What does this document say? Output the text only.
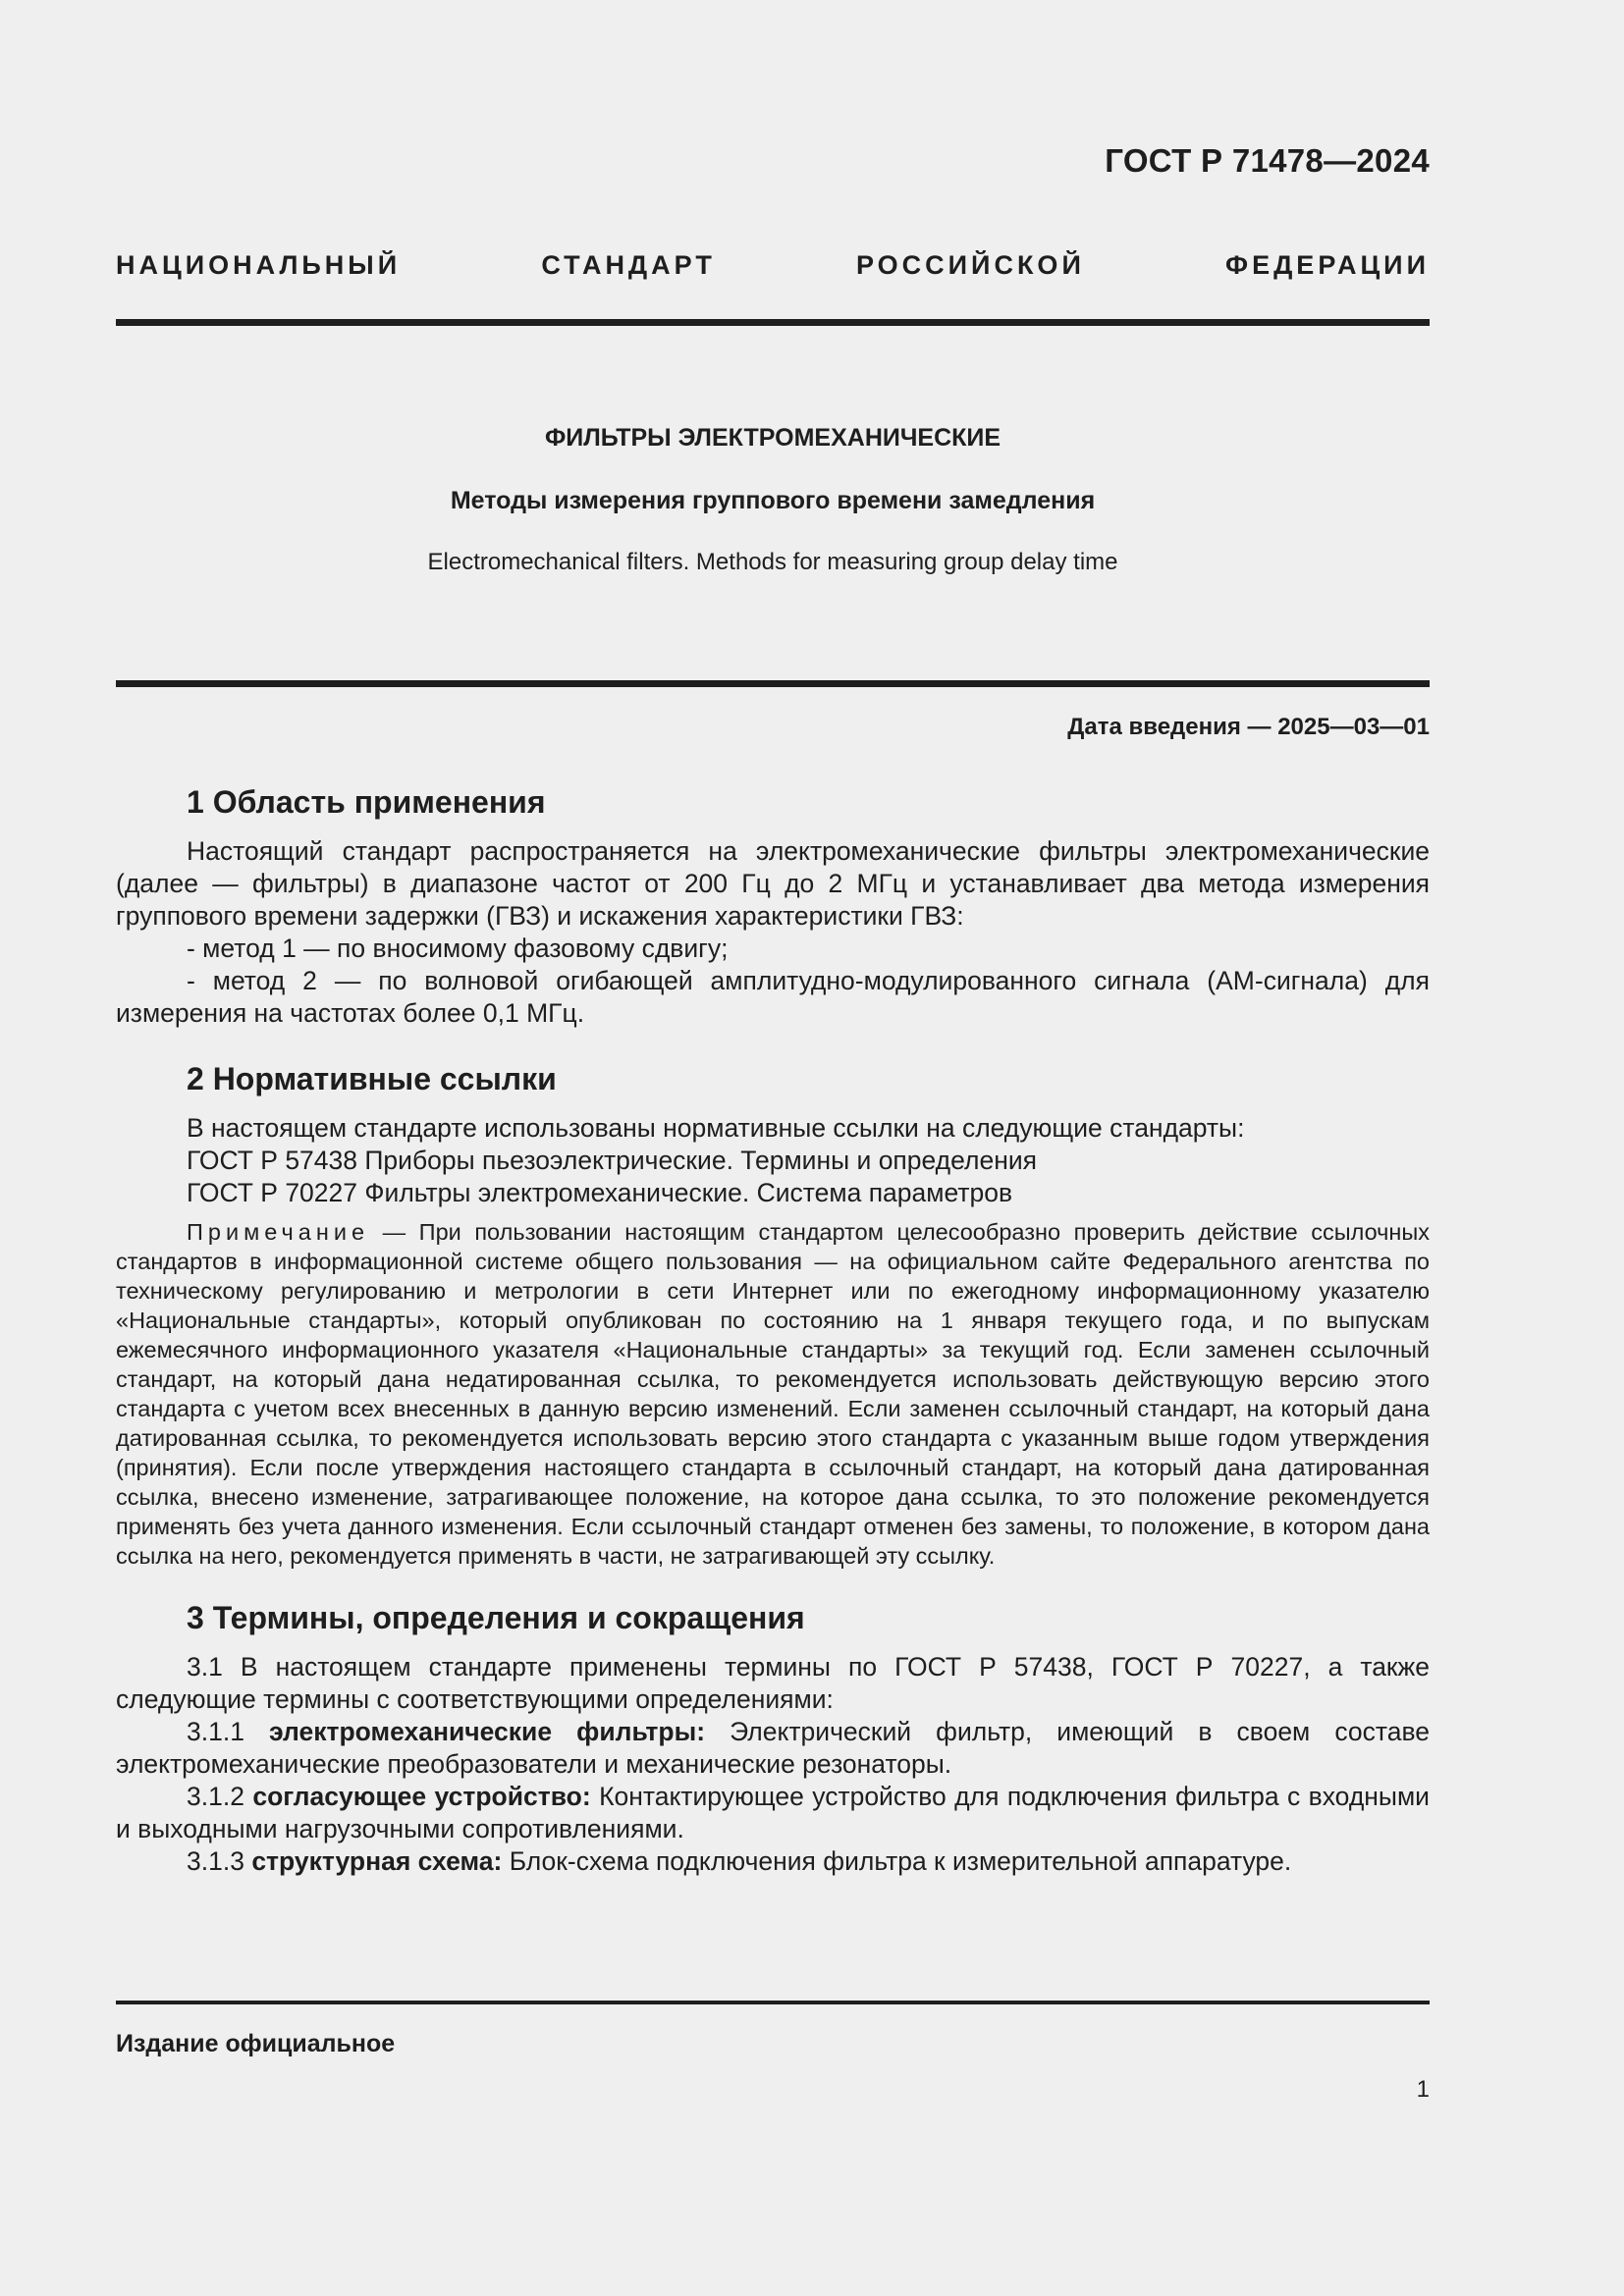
ГОСТ Р 71478—2024
НАЦИОНАЛЬНЫЙ СТАНДАРТ РОССИЙСКОЙ ФЕДЕРАЦИИ
ФИЛЬТРЫ ЭЛЕКТРОМЕХАНИЧЕСКИЕ
Методы измерения группового времени замедления
Electromechanical filters. Methods for measuring group delay time
Дата введения — 2025—03—01
1 Область применения

Настоящий стандарт распространяется на электромеханические фильтры электромеханические (далее — фильтры) в диапазоне частот от 200 Гц до 2 МГц и устанавливает два метода измерения группового времени задержки (ГВЗ) и искажения характеристики ГВЗ:

- метод 1 — по вносимому фазовому сдвигу;

- метод 2 — по волновой огибающей амплитудно-модулированного сигнала (АМ-сигнала) для измерения на частотах более 0,1 МГц.

2 Нормативные ссылки

В настоящем стандарте использованы нормативные ссылки на следующие стандарты:

ГОСТ Р 57438 Приборы пьезоэлектрические. Термины и определения

ГОСТ Р 70227 Фильтры электромеханические. Система параметров

Примечание — При пользовании настоящим стандартом целесообразно проверить действие ссылочных стандартов в информационной системе общего пользования — на официальном сайте Федерального агентства по техническому регулированию и метрологии в сети Интернет или по ежегодному информационному указателю «Национальные стандарты», который опубликован по состоянию на 1 января текущего года, и по выпускам ежемесячного информационного указателя «Национальные стандарты» за текущий год. Если заменен ссылочный стандарт, на который дана недатированная ссылка, то рекомендуется использовать действующую версию этого стандарта с учетом всех внесенных в данную версию изменений. Если заменен ссылочный стандарт, на который дана датированная ссылка, то рекомендуется использовать версию этого стандарта с указанным выше годом утверждения (принятия). Если после утверждения настоящего стандарта в ссылочный стандарт, на который дана датированная ссылка, внесено изменение, затрагивающее положение, на которое дана ссылка, то это положение рекомендуется применять без учета данного изменения. Если ссылочный стандарт отменен без замены, то положение, в котором дана ссылка на него, рекомендуется применять в части, не затрагивающей эту ссылку.

3 Термины, определения и сокращения

3.1 В настоящем стандарте применены термины по ГОСТ Р 57438, ГОСТ Р 70227, а также следующие термины с соответствующими определениями:

3.1.1 электромеханические фильтры: Электрический фильтр, имеющий в своем составе электромеханические преобразователи и механические резонаторы.

3.1.2 согласующее устройство: Контактирующее устройство для подключения фильтра с входными и выходными нагрузочными сопротивлениями.

3.1.3 структурная схема: Блок-схема подключения фильтра к измерительной аппаратуре.

Издание официальное
1
